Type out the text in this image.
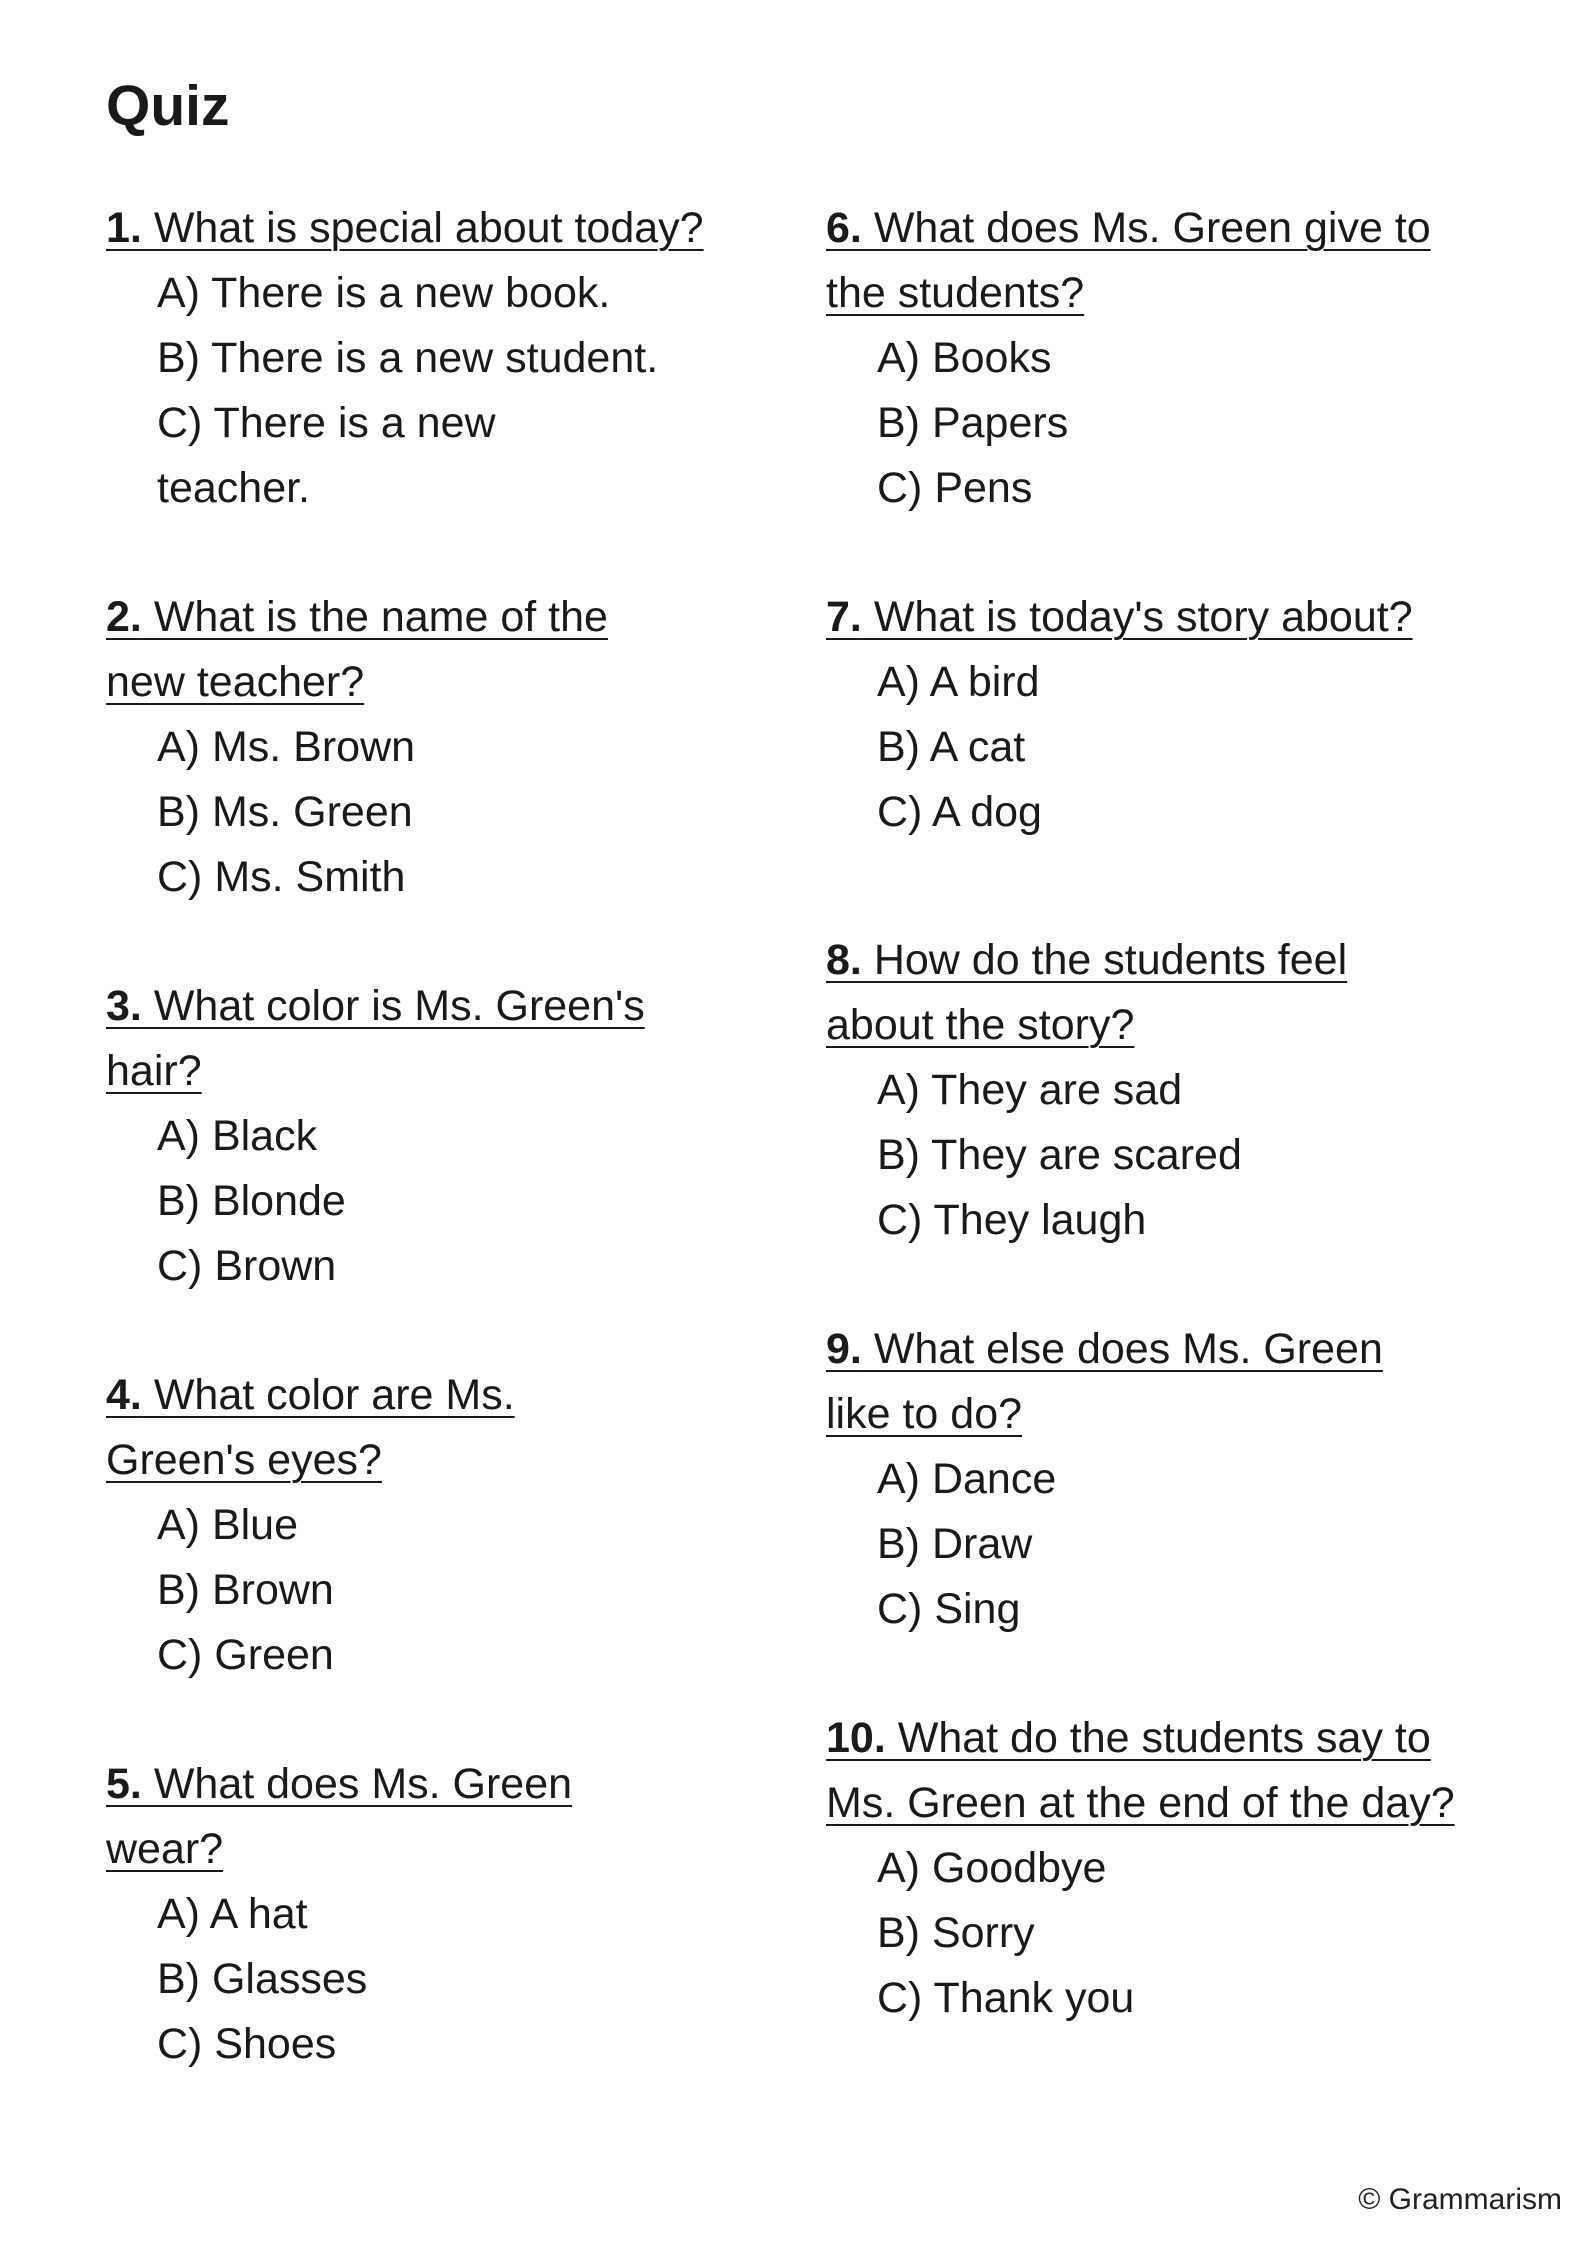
Quiz
1. What is special about today?
A) There is a new book.
B) There is a new student.
C) There is a new teacher.
2. What is the name of the new teacher?
A) Ms. Brown
B) Ms. Green
C) Ms. Smith
3. What color is Ms. Green's hair?
A) Black
B) Blonde
C) Brown
4. What color are Ms. Green's eyes?
A) Blue
B) Brown
C) Green
5. What does Ms. Green wear?
A) A hat
B) Glasses
C) Shoes
6. What does Ms. Green give to the students?
A) Books
B) Papers
C) Pens
7. What is today's story about?
A) A bird
B) A cat
C) A dog
8. How do the students feel about the story?
A) They are sad
B) They are scared
C) They laugh
9. What else does Ms. Green like to do?
A) Dance
B) Draw
C) Sing
10. What do the students say to Ms. Green at the end of the day?
A) Goodbye
B) Sorry
C) Thank you
© Grammarism
